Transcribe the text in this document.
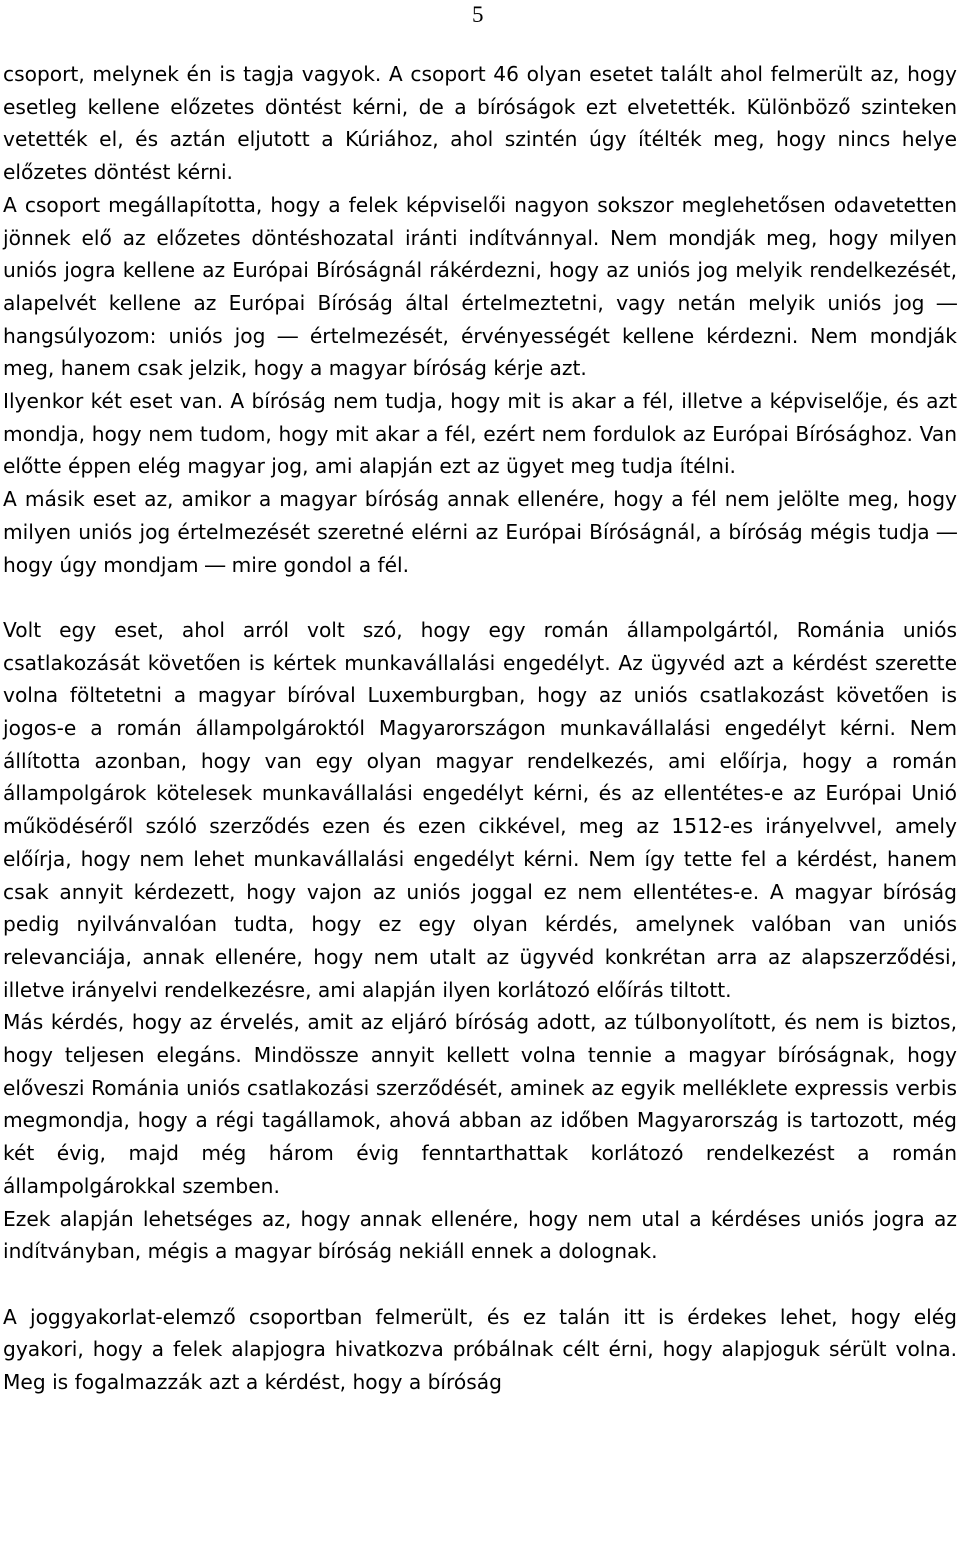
5

csoport, melynek én is tagja vagyok. A csoport 46 olyan esetet talált ahol felmerült az, hogy esetleg kellene előzetes döntést kérni, de a bíróságok ezt elvetették. Különböző szinteken vetették el, és aztán eljutott a Kúriához, ahol szintén úgy ítélték meg, hogy nincs helye előzetes döntést kérni.

A csoport megállapította, hogy a felek képviselői nagyon sokszor meglehetősen odavetetten jönnek elő az előzetes döntéshozatal iránti indítvánnyal. Nem mondják meg, hogy milyen uniós jogra kellene az Európai Bíróságnál rákérdezni, hogy az uniós jog melyik rendelkezését, alapelvét kellene az Európai Bíróság által értelmeztetni, vagy netán melyik uniós jog ― hangsúlyozom: uniós jog ― értelmezését, érvényességét kellene kérdezni. Nem mondják meg, hanem csak jelzik, hogy a magyar bíróság kérje azt.

Ilyenkor két eset van. A bíróság nem tudja, hogy mit is akar a fél, illetve a képviselője, és azt mondja, hogy nem tudom, hogy mit akar a fél, ezért nem fordulok az Európai Bírósághoz. Van előtte éppen elég magyar jog, ami alapján ezt az ügyet meg tudja ítélni.

A másik eset az, amikor a magyar bíróság annak ellenére, hogy a fél nem jelölte meg, hogy milyen uniós jog értelmezését szeretné elérni az Európai Bíróságnál, a bíróság mégis tudja ― hogy úgy mondjam ― mire gondol a fél.

Volt egy eset, ahol arról volt szó, hogy egy román állampolgártól, Románia uniós csatlakozását követően is kértek munkavállalási engedélyt. Az ügyvéd azt a kérdést szerette volna föltetetni a magyar bíróval Luxemburgban, hogy az uniós csatlakozást követően is jogos-e a román állampolgároktól Magyarországon munkavállalási engedélyt kérni. Nem állította azonban, hogy van egy olyan magyar rendelkezés, ami előírja, hogy a román állampolgárok kötelesek munkavállalási engedélyt kérni, és az ellentétes-e az Európai Unió működéséről szóló szerződés ezen és ezen cikkével, meg az 1512-es irányelvvel, amely előírja, hogy nem lehet munkavállalási engedélyt kérni. Nem így tette fel a kérdést, hanem csak annyit kérdezett, hogy vajon az uniós joggal ez nem ellentétes-e. A magyar bíróság pedig nyilvánvalóan tudta, hogy ez egy olyan kérdés, amelynek valóban van uniós relevanciája, annak ellenére, hogy nem utalt az ügyvéd konkrétan arra az alapszerződési, illetve irányelvi rendelkezésre, ami alapján ilyen korlátozó előírás tiltott.

Más kérdés, hogy az érvelés, amit az eljáró bíróság adott, az túlbonyolított, és nem is biztos, hogy teljesen elegáns. Mindössze annyit kellett volna tennie a magyar bíróságnak, hogy előveszi Románia uniós csatlakozási szerződését, aminek az egyik melléklete expressis verbis megmondja, hogy a régi tagállamok, ahová abban az időben Magyarország is tartozott, még két évig, majd még három évig fenntarthattak korlátozó rendelkezést a román állampolgárokkal szemben.

Ezek alapján lehetséges az, hogy annak ellenére, hogy nem utal a kérdéses uniós jogra az indítványban, mégis a magyar bíróság nekiáll ennek a dolognak.

A joggyakorlat-elemző csoportban felmerült, és ez talán itt is érdekes lehet, hogy elég gyakori, hogy a felek alapjogra hivatkozva próbálnak célt érni, hogy alapjoguk sérült volna. Meg is fogalmazzák azt a kérdést, hogy a bíróság
